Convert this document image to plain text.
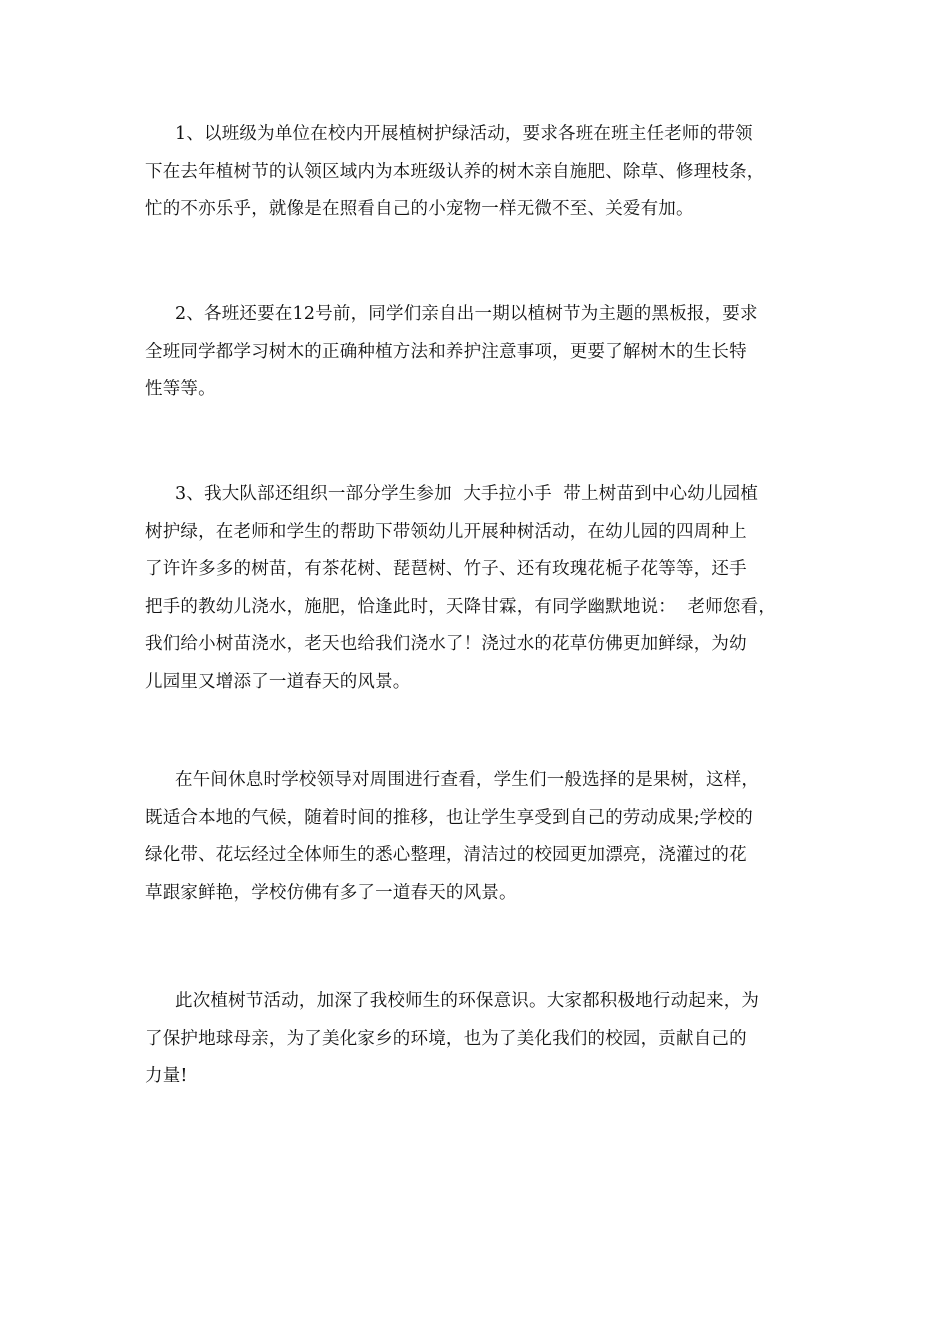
1、以班级为单位在校内开展植树护绿活动，要求各班在班主任老师的带领
下在去年植树节的认领区域内为本班级认养的树木亲自施肥、除草、修理枝条，
忙的不亦乐乎，就像是在照看自己的小宠物一样无微不至、关爱有加。

2、各班还要在12号前，同学们亲自出一期以植树节为主题的黑板报，要求
全班同学都学习树木的正确种植方法和养护注意事项，更要了解树木的生长特
性等等。

3、我大队部还组织一部分学生参加  大手拉小手  带上树苗到中心幼儿园植
树护绿，在老师和学生的帮助下带领幼儿开展种树活动，在幼儿园的四周种上
了许许多多的树苗，有茶花树、琵琶树、竹子、还有玫瑰花栀子花等等，还手
把手的教幼儿浇水，施肥，恰逢此时，天降甘霖，有同学幽默地说：  老师您看，
我们给小树苗浇水，老天也给我们浇水了！浇过水的花草仿佛更加鲜绿，为幼
儿园里又增添了一道春天的风景。

在午间休息时学校领导对周围进行查看，学生们一般选择的是果树，这样，
既适合本地的气候，随着时间的推移，也让学生享受到自己的劳动成果;学校的
绿化带、花坛经过全体师生的悉心整理，清洁过的校园更加漂亮，浇灌过的花
草跟家鲜艳，学校仿佛有多了一道春天的风景。

此次植树节活动，加深了我校师生的环保意识。大家都积极地行动起来，为
了保护地球母亲，为了美化家乡的环境，也为了美化我们的校园，贡献自己的
力量!
